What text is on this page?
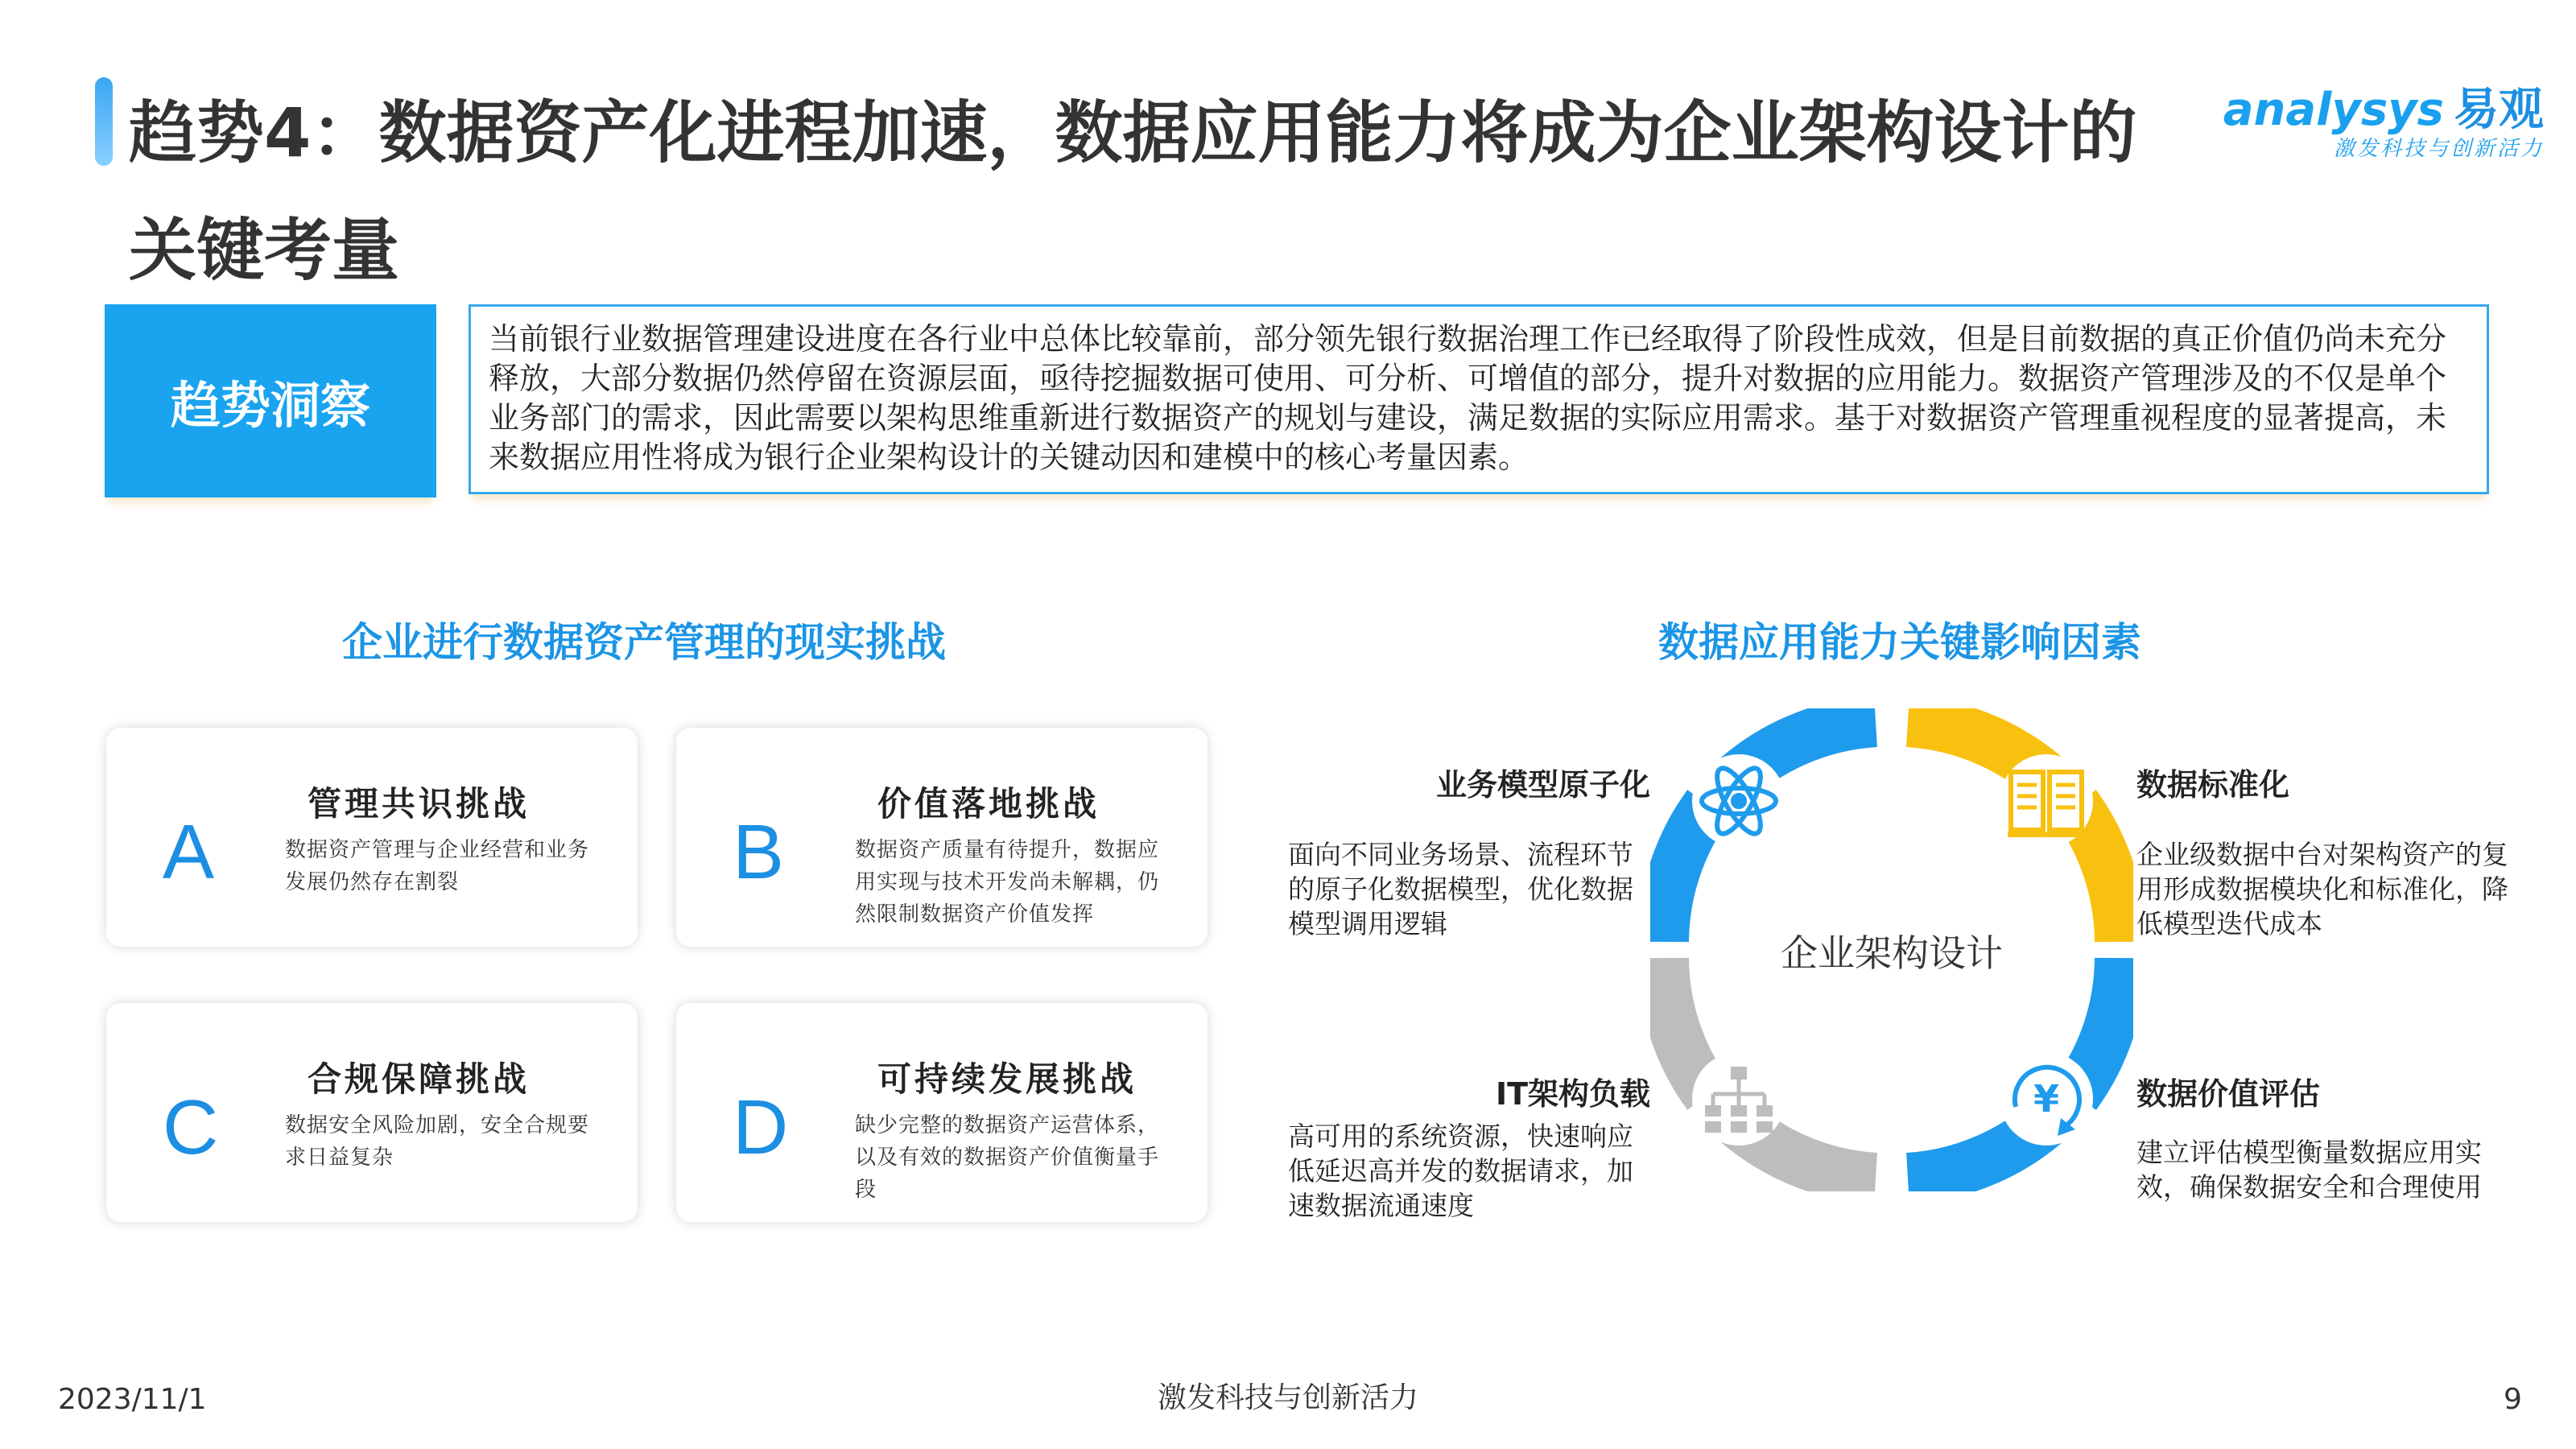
趋势4：数据资产化进程加速，数据应用能力将成为企业架构设计的关键考量
analysys 易观
激发科技与创新活力
趋势洞察
当前银行业数据管理建设进度在各行业中总体比较靠前，部分领先银行数据治理工作已经取得了阶段性成效，但是目前数据的真正价值仍尚未充分释放，大部分数据仍然停留在资源层面，亟待挖掘数据可使用、可分析、可增值的部分，提升对数据的应用能力。数据资产管理涉及的不仅是单个业务部门的需求，因此需要以架构思维重新进行数据资产的规划与建设，满足数据的实际应用需求。基于对数据资产管理重视程度的显著提高，未来数据应用性将成为银行企业架构设计的关键动因和建模中的核心考量因素。
企业进行数据资产管理的现实挑战
A
管理共识挑战
数据资产管理与企业经营和业务发展仍然存在割裂	B
价值落地挑战
数据资产质量有待提升，数据应用实现与技术开发尚未解耦，仍然限制数据资产价值发挥
C
合规保障挑战
数据安全风险加剧，安全合规要求日益复杂	D
可持续发展挑战
缺少完整的数据资产运营体系，以及有效的数据资产价值衡量手段
数据应用能力关键影响因素
¥
企业架构设计
业务模型原子化
面向不同业务场景、流程环节的原子化数据模型，优化数据模型调用逻辑
数据标准化
企业级数据中台对架构资产的复用形成数据模块化和标准化，降低模型迭代成本
IT架构负载
高可用的系统资源，快速响应低延迟高并发的数据请求，加速数据流通速度
数据价值评估
建立评估模型衡量数据应用实效，确保数据安全和合理使用
2023/11/1	激发科技与创新活力	9
